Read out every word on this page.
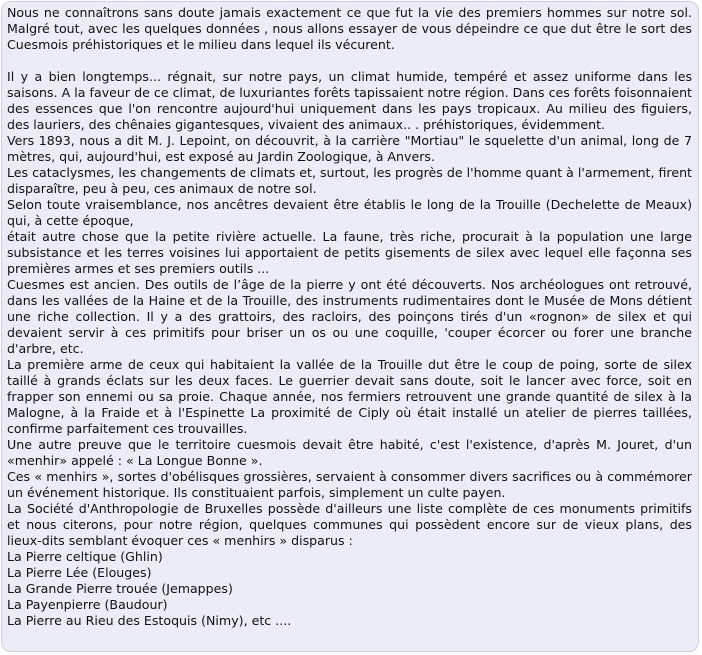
Nous ne connaîtrons sans doute jamais exactement ce que fut la vie des premiers hommes sur notre sol. Malgré tout, avec les quelques données , nous allons essayer de vous dépeindre ce que dut être le sort des Cuesmois préhistoriques et le milieu dans lequel ils vécurent.

Il y a bien longtemps... régnait, sur notre pays, un climat humide, tempéré et assez uniforme dans les saisons. A la faveur de ce climat, de luxuriantes forêts tapissaient notre région. Dans ces forêts foisonnaient des essences que l'on rencontre aujourd'hui uniquement dans les pays tropicaux. Au milieu des figuiers, des lauriers, des chênaies gigantesques, vivaient des animaux.. . préhistoriques, évidemment.

Vers 1893, nous a dit M. J. Lepoint, on découvrit, à la carrière "Mortiau" le squelette d'un animal, long de 7 mètres, qui, aujourd'hui, est exposé au Jardin Zoologique, à Anvers.

Les cataclysmes, les changements de climats et, surtout, les progrès de l'homme quant à l'armement, firent disparaître, peu à peu, ces animaux de notre sol.

Selon toute vraisemblance, nos ancêtres devaient être établis le long de la Trouille (Dechelette de Meaux) qui, à cette époque,

était autre chose que la petite rivière actuelle. La faune, très riche, procurait à la population une large subsistance et les terres voisines lui apportaient de petits gisements de silex avec lequel elle façonna ses premières armes et ses premiers outils ...

Cuesmes est ancien. Des outils de l’âge de la pierre y ont été découverts. Nos archéologues ont retrouvé, dans les vallées de la Haine et de la Trouille, des instruments rudimentaires dont le Musée de Mons détient une riche collection. Il y a des grattoirs, des racloirs, des poinçons tirés d'un «rognon» de silex et qui devaient servir à ces primitifs pour briser un os ou une coquille, 'couper écorcer ou forer une branche d'arbre, etc.

La première arme de ceux qui habitaient la vallée de la Trouille dut être le coup de poing, sorte de silex taillé à grands éclats sur les deux faces. Le guerrier devait sans doute, soit le lancer avec force, soit en frapper son ennemi ou sa proie. Chaque année, nos fermiers retrouvent une grande quantité de silex à la Malogne, à la Fraide et à l'Espinette La proximité de Ciply où était installé un atelier de pierres taillées, confirme parfaitement ces trouvailles.

Une autre preuve que le territoire cuesmois devait être habité, c'est l'existence, d'après M. Jouret, d'un «menhir» appelé : « La Longue Bonne ».

Ces « menhirs », sortes d'obélisques grossières, servaient à consommer divers sacrifices ou à commémorer un événement historique. Ils constituaient parfois, simplement un culte payen.

La Société d'Anthropologie de Bruxelles possède d'ailleurs une liste complète de ces monuments primitifs et nous citerons, pour notre région, quelques communes qui possèdent encore sur de vieux plans, des lieux-dits semblant évoquer ces « menhirs » disparus :

La Pierre celtique (Ghlin)

La Pierre Lée (Elouges)

La Grande Pierre trouée (Jemappes)

La Payenpierre (Baudour)

La Pierre au Rieu des Estoquis (Nimy), etc ....
